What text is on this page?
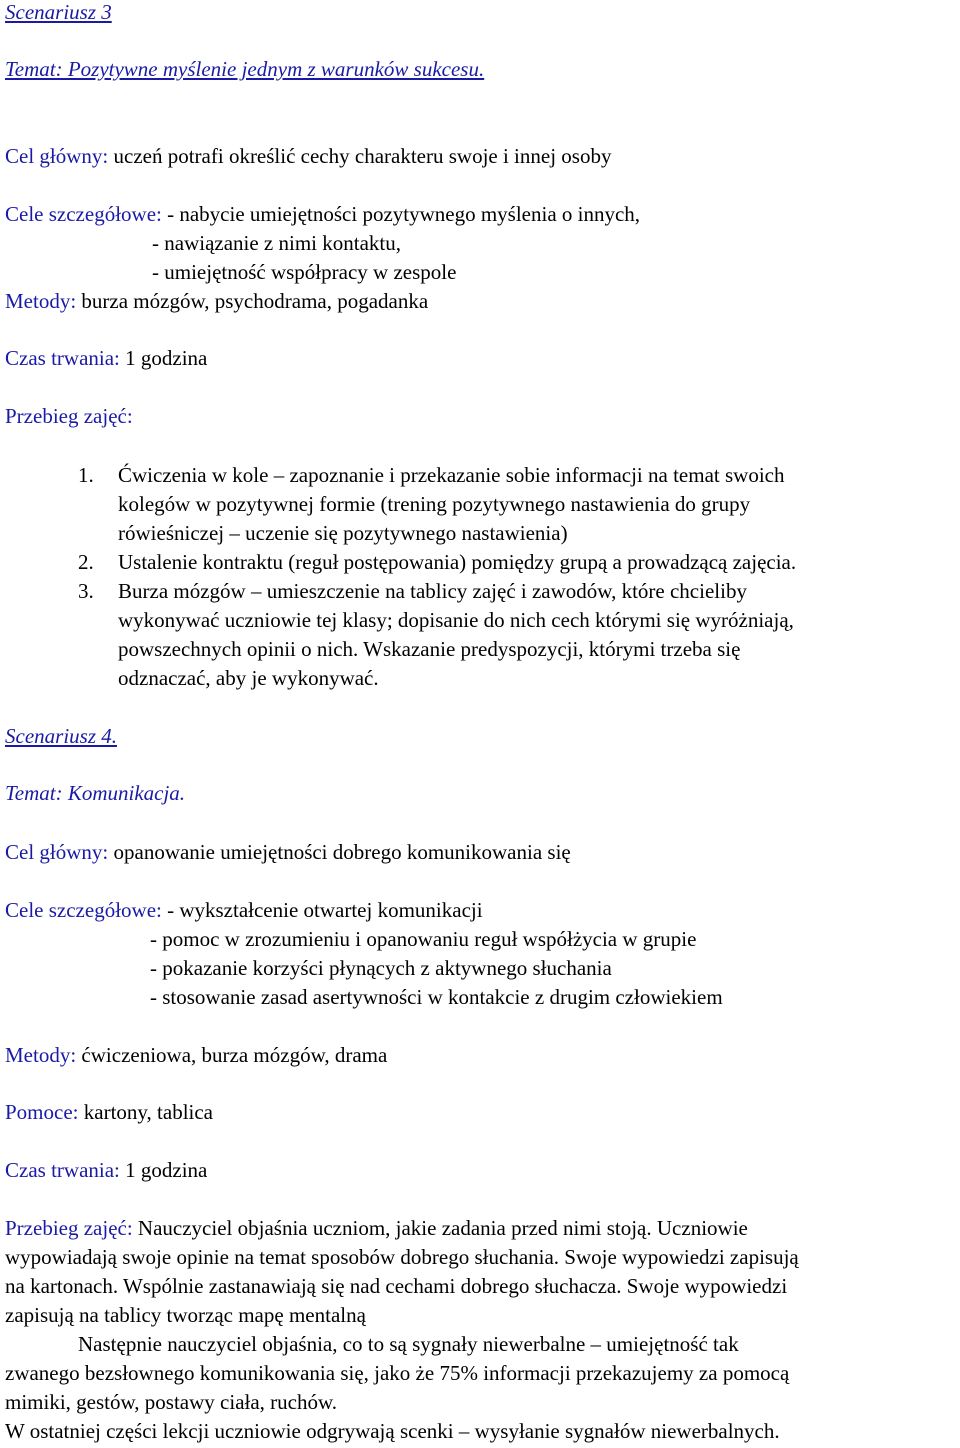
Scenariusz 3
Temat: Pozytywne myślenie jednym z warunków sukcesu.
Cel główny: uczeń potrafi określić cechy charakteru swoje i innej osoby
Cele szczegółowe: - nabycie umiejętności pozytywnego myślenia o innych,
- nawiązanie z nimi kontaktu,
- umiejętność współpracy w zespole
Metody: burza mózgów, psychodrama, pogadanka
Czas trwania: 1 godzina
Przebieg zajęć:
1. Ćwiczenia w kole – zapoznanie i przekazanie sobie informacji na temat swoich
kolegów w pozytywnej formie (trening pozytywnego nastawienia do grupy
rówieśniczej – uczenie się pozytywnego nastawienia)
2. Ustalenie kontraktu (reguł postępowania) pomiędzy grupą a prowadzącą zajęcia.
3. Burza mózgów – umieszczenie na tablicy zajęć i zawodów, które chcieliby
wykonywać uczniowie tej klasy; dopisanie do nich cech którymi się wyróżniają,
powszechnych opinii o nich. Wskazanie predyspozycji, którymi trzeba się
odznaczać, aby je wykonywać.
Scenariusz 4.
Temat: Komunikacja.
Cel główny: opanowanie umiejętności dobrego komunikowania się
Cele szczegółowe: - wykształcenie otwartej komunikacji
- pomoc w zrozumieniu i opanowaniu reguł współżycia w grupie
- pokazanie korzyści płynących z aktywnego słuchania
- stosowanie zasad asertywności w kontakcie z drugim człowiekiem
Metody: ćwiczeniowa, burza mózgów, drama
Pomoce: kartony, tablica
Czas trwania: 1 godzina
Przebieg zajęć: Nauczyciel objaśnia uczniom, jakie zadania przed nimi stoją. Uczniowie
wypowiadają swoje opinie na temat sposobów dobrego słuchania. Swoje wypowiedzi zapisują
na kartonach. Wspólnie zastanawiają się nad cechami dobrego słuchacza. Swoje wypowiedzi
zapisują na tablicy tworząc mapę mentalną
Następnie nauczyciel objaśnia, co to są sygnały niewerbalne – umiejętność tak
zwanego bezsłownego komunikowania się, jako że 75% informacji przekazujemy za pomocą
mimiki, gestów, postawy ciała, ruchów.
W ostatniej części lekcji uczniowie odgrywają scenki – wysyłanie sygnałów niewerbalnych.
